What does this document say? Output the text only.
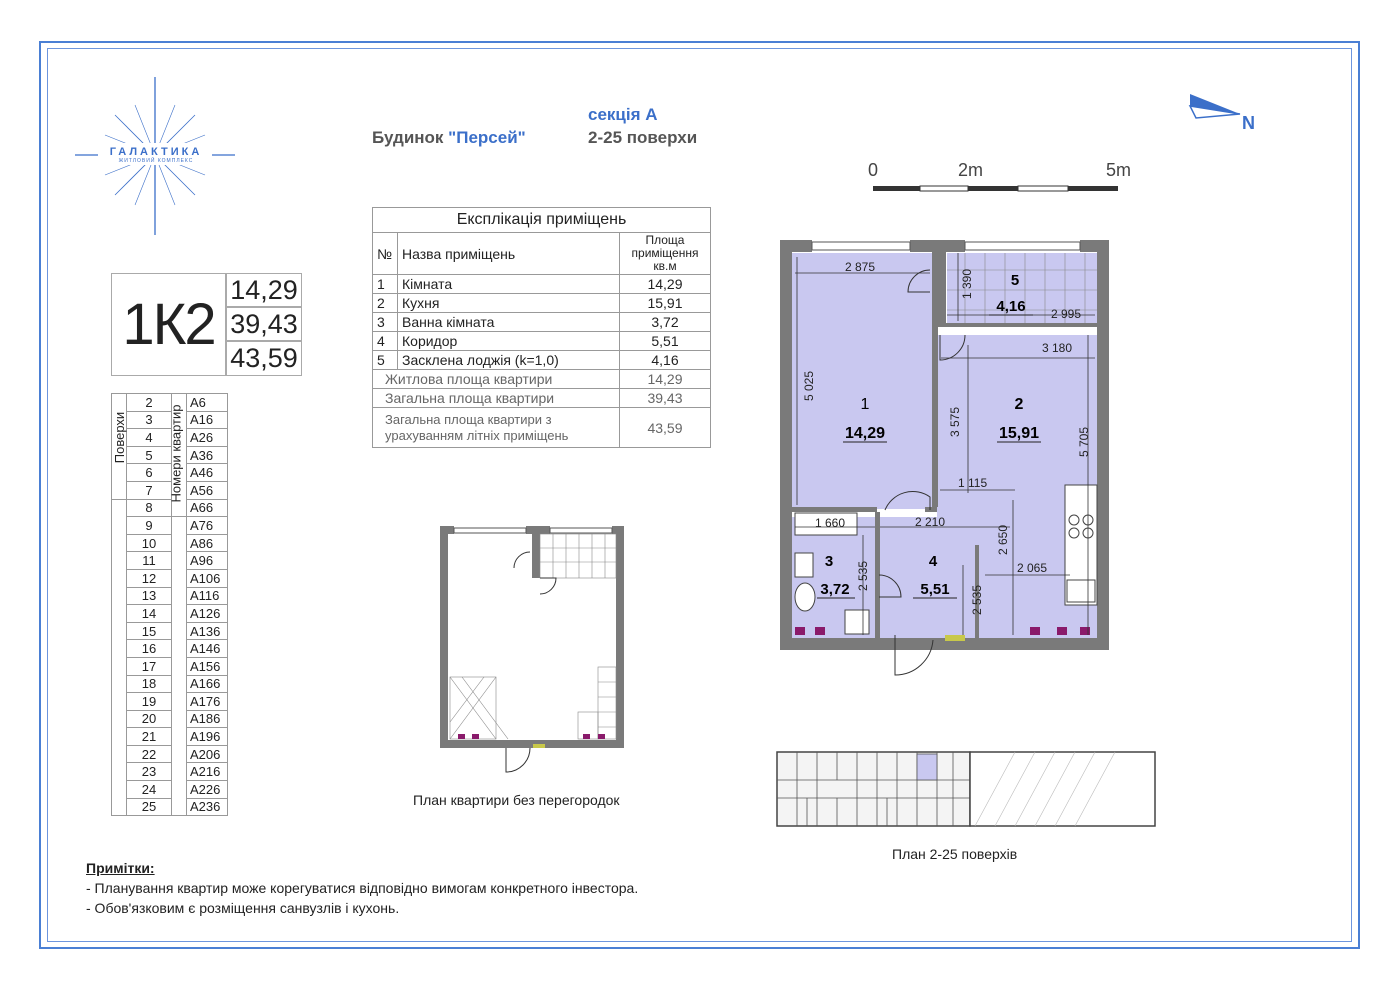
ГАЛАКТИКА
ЖИТЛОВИЙ КОМПЛЕКС
Будинок "Персей"
секція А
2-25 поверхи
N
0	2m	5m
1К2
14,29
39,43
43,59
Експлікація приміщень		
№	Назва приміщень	Площа приміщення кв.м
1	Кімната	14,29
2	Кухня	15,91
3	Ванна кімната	3,72
4	Коридор	5,51
5	Засклена лоджія (k=1,0)	4,16
Житлова площа квартири		14,29
Загальна площа квартири		39,43
Загальна площа квартири з урахуванням літніх приміщень		43,59
Поверхи	2	Номери квартир	A6
	3		A16
	4		A26
	5		A36
	6		A46
	7		A56
	8		A66
	9		A76
	10		A86
	11		A96
	12		A106
	13		A116
	14		A126
	15		A136
	16		A146
	17		A156
	18		A166
	19		A176
	20		A186
	21		A196
	22		A206
	23		A216
	24		A226
	25		A236
1
14,29
2
15,91
3
3,72
4
5,51
5
4,16
2 875
1 390
2 995
3 180
5 025
3 575
5 705
1 115
1 660	2 210
2 650
2 535
2 535
2 065
План квартири без перегородок
План 2-25 поверхів
Примітки:
- Планування квартир може корегуватися відповідно вимогам конкретного інвестора.
- Обов'язковим є розміщення санвузлів і кухонь.
